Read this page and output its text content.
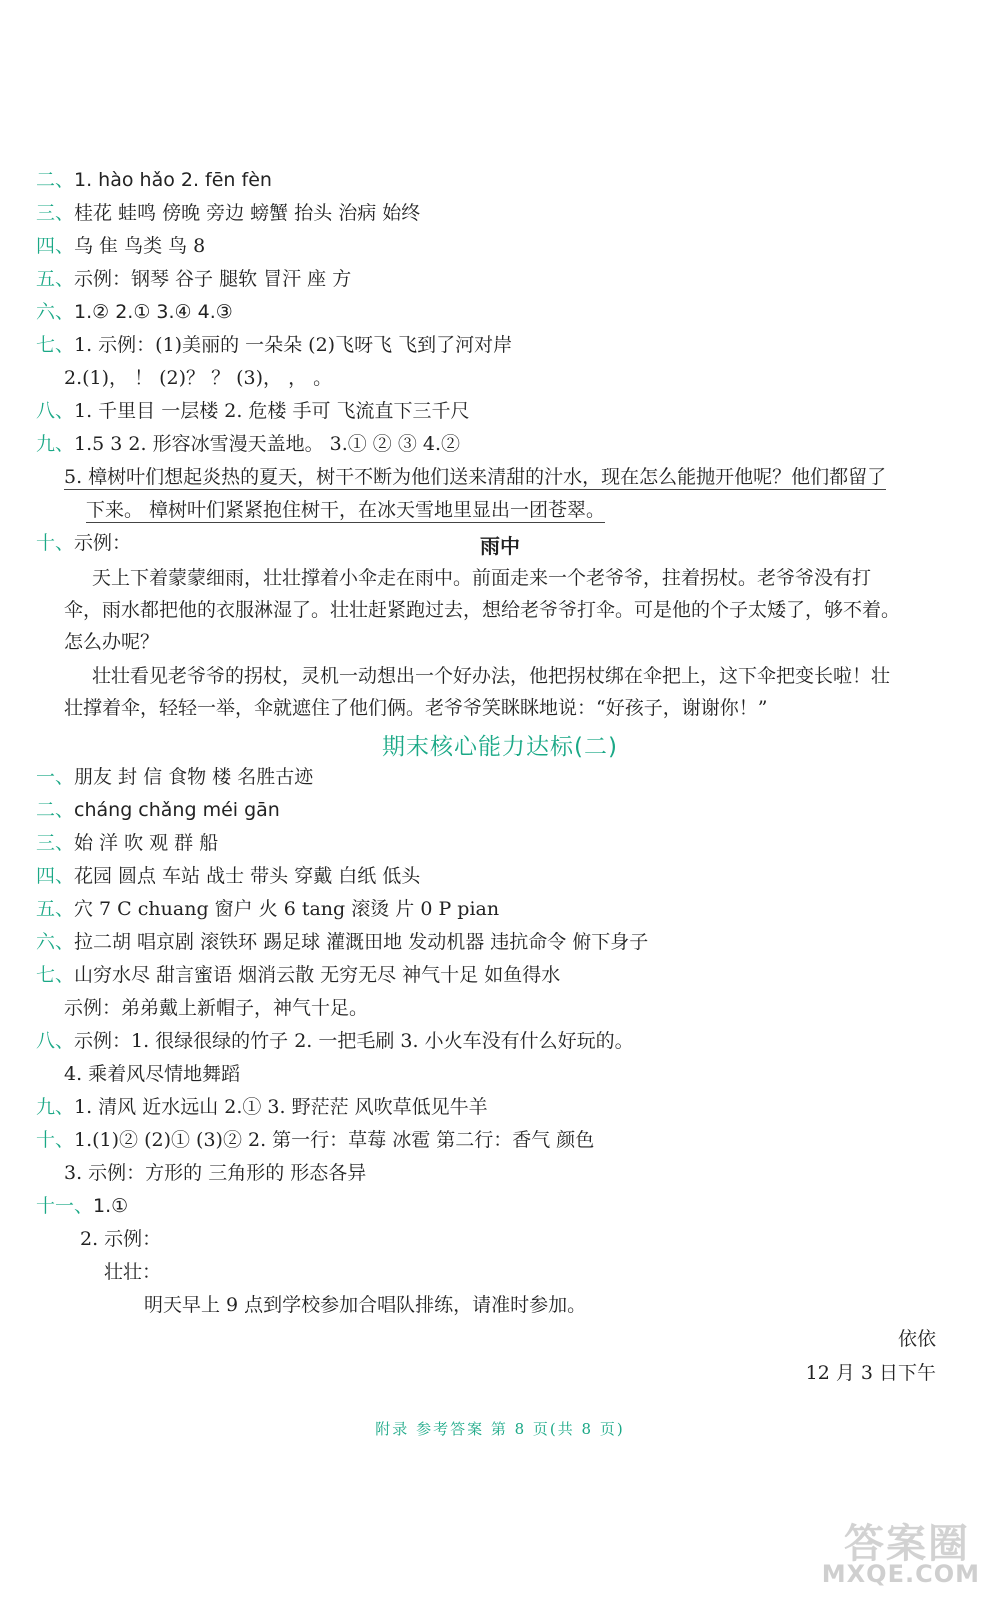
二、1. hào hǎo 2. fēn fèn
三、桂花 蛙鸣 傍晚 旁边 螃蟹 抬头 治病 始终
四、乌 隹 鸟类 鸟 8
五、示例：钢琴 谷子 腿软 冒汗 座 方
六、1.② 2.① 3.④ 4.③
七、1. 示例：(1)美丽的 一朵朵 (2)飞呀飞 飞到了河对岸
2.(1)， ！ (2)？ ？ (3)， ， 。
八、1. 千里目 一层楼 2. 危楼 手可 飞流直下三千尺
九、1.5 3 2. 形容冰雪漫天盖地。 3.① ② ③ 4.②
5. 樟树叶们想起炎热的夏天，树干不断为他们送来清甜的汁水，现在怎么能抛开他呢？他们都留了
下来。 樟树叶们紧紧抱住树干，在冰天雪地里显出一团苍翠。
十、示例：	雨中
天上下着蒙蒙细雨，壮壮撑着小伞走在雨中。前面走来一个老爷爷，拄着拐杖。老爷爷没有打
伞，雨水都把他的衣服淋湿了。壮壮赶紧跑过去，想给老爷爷打伞。可是他的个子太矮了，够不着。
怎么办呢？
壮壮看见老爷爷的拐杖，灵机一动想出一个好办法，他把拐杖绑在伞把上，这下伞把变长啦！壮
壮撑着伞，轻轻一举，伞就遮住了他们俩。老爷爷笑眯眯地说：“好孩子，谢谢你！”
期末核心能力达标(二)
一、朋友 封 信 食物 楼 名胜古迹
二、cháng chǎng méi gān
三、始 洋 吹 观 群 船
四、花园 圆点 车站 战士 带头 穿戴 白纸 低头
五、穴 7 C chuang 窗户 火 6 tang 滚烫 片 0 P pian
六、拉二胡 唱京剧 滚铁环 踢足球 灌溉田地 发动机器 违抗命令 俯下身子
七、山穷水尽 甜言蜜语 烟消云散 无穷无尽 神气十足 如鱼得水
示例：弟弟戴上新帽子，神气十足。
八、示例：1. 很绿很绿的竹子 2. 一把毛刷 3. 小火车没有什么好玩的。
4. 乘着风尽情地舞蹈
九、1. 清风 近水远山 2.① 3. 野茫茫 风吹草低见牛羊
十、1.(1)② (2)① (3)② 2. 第一行：草莓 冰雹 第二行：香气 颜色
3. 示例：方形的 三角形的 形态各异
十一、1.①
2. 示例：
壮壮：
明天早上 9 点到学校参加合唱队排练，请准时参加。
依依
12 月 3 日下午
附录 参考答案 第 8 页(共 8 页)
答案圈
MXQE.COM
